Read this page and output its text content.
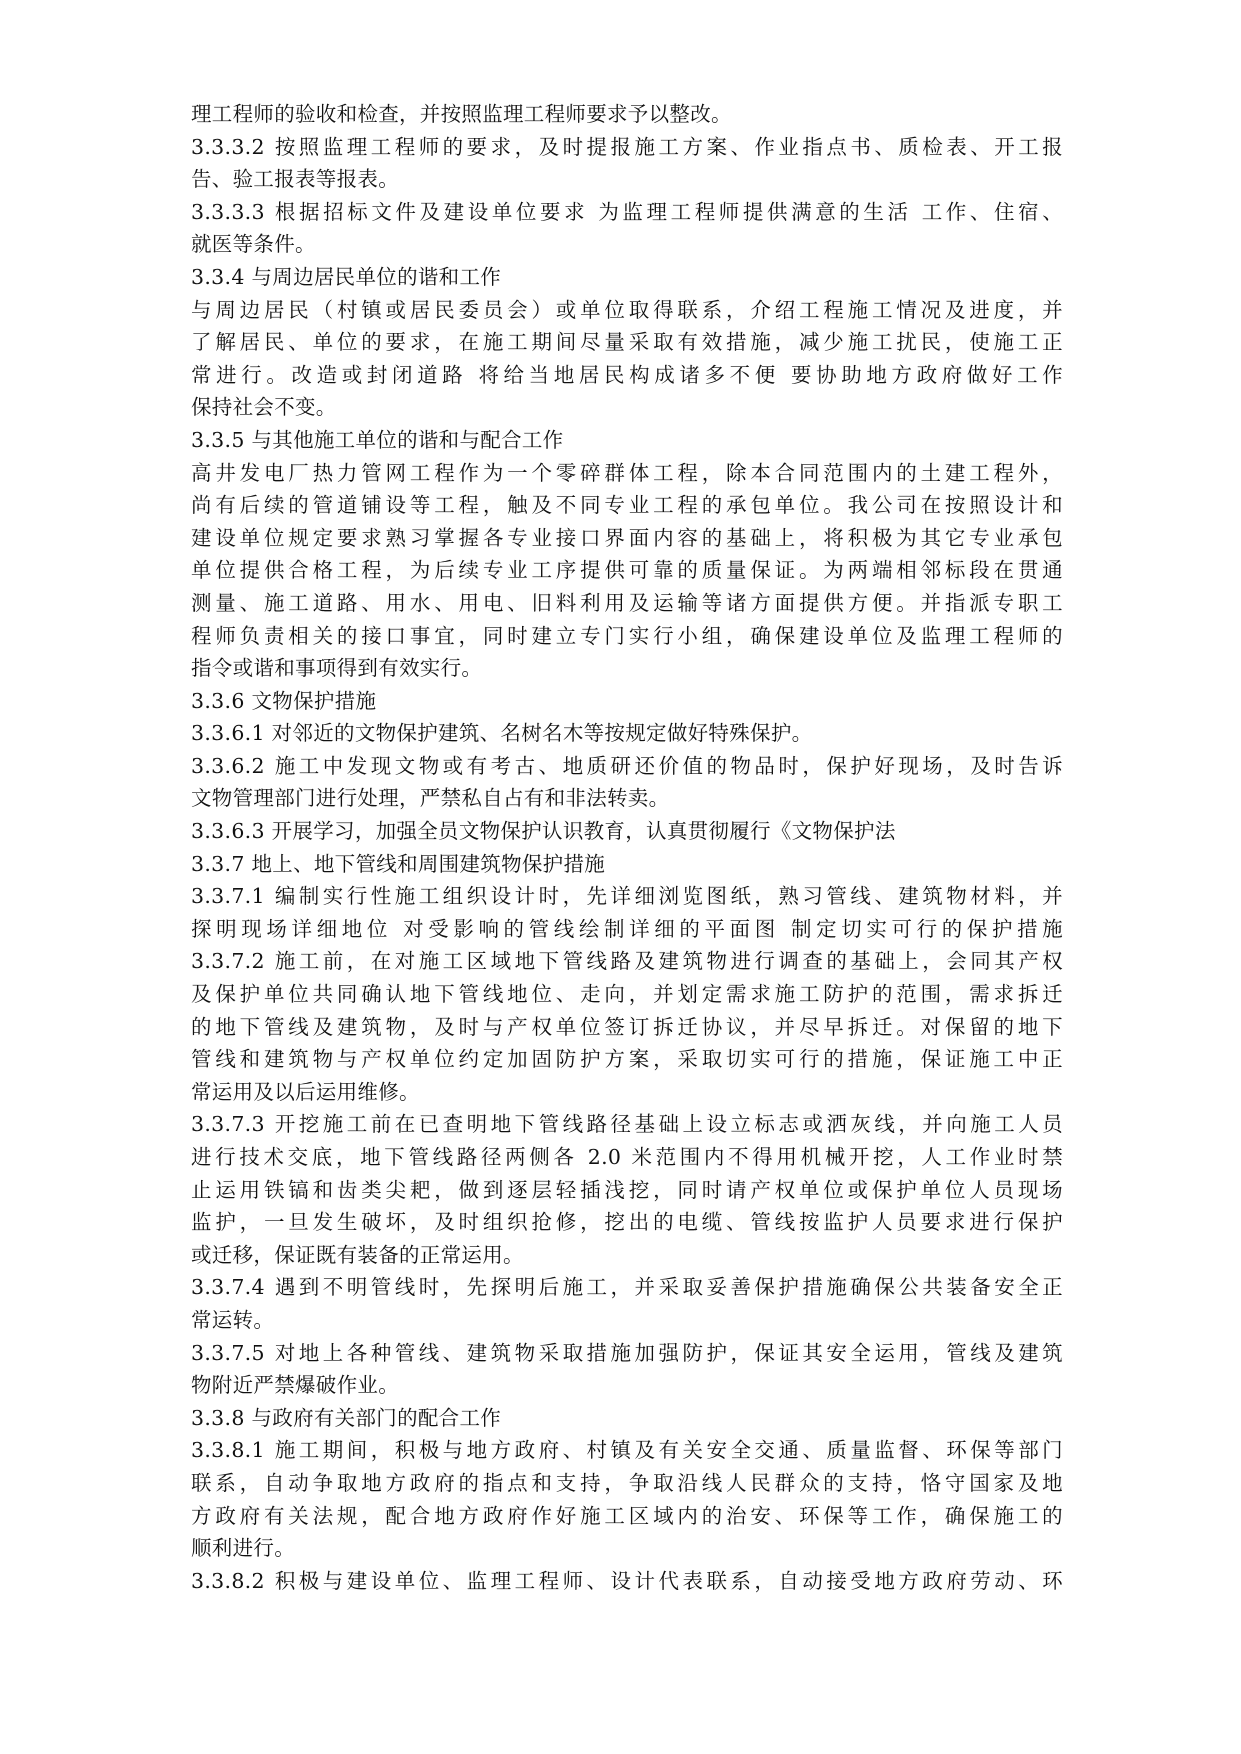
理工程师的验收和检查，并按照监理工程师要求予以整改。
3.3.3.2 按照监理工程师的要求，及时提报施工方案、作业指点书、质检表、开工报
告、验工报表等报表。
3.3.3.3 根据招标文件及建设单位要求 为监理工程师提供满意的生活 工作、住宿、
就医等条件。
3.3.4 与周边居民单位的谐和工作
与周边居民（村镇或居民委员会）或单位取得联系，介绍工程施工情况及进度，并
了解居民、单位的要求，在施工期间尽量采取有效措施，减少施工扰民，使施工正
常进行。改造或封闭道路 将给当地居民构成诸多不便 要协助地方政府做好工作
保持社会不变。
3.3.5 与其他施工单位的谐和与配合工作
高井发电厂热力管网工程作为一个零碎群体工程，除本合同范围内的土建工程外，
尚有后续的管道铺设等工程，触及不同专业工程的承包单位。我公司在按照设计和
建设单位规定要求熟习掌握各专业接口界面内容的基础上，将积极为其它专业承包
单位提供合格工程，为后续专业工序提供可靠的质量保证。为两端相邻标段在贯通
测量、施工道路、用水、用电、旧料利用及运输等诸方面提供方便。并指派专职工
程师负责相关的接口事宜，同时建立专门实行小组，确保建设单位及监理工程师的
指令或谐和事项得到有效实行。
3.3.6 文物保护措施
3.3.6.1 对邻近的文物保护建筑、名树名木等按规定做好特殊保护。
3.3.6.2 施工中发现文物或有考古、地质研还价值的物品时，保护好现场，及时告诉
文物管理部门进行处理，严禁私自占有和非法转卖。
3.3.6.3 开展学习，加强全员文物保护认识教育，认真贯彻履行《文物保护法
3.3.7 地上、地下管线和周围建筑物保护措施
3.3.7.1 编制实行性施工组织设计时，先详细浏览图纸，熟习管线、建筑物材料，并
探明现场详细地位 对受影响的管线绘制详细的平面图 制定切实可行的保护措施
3.3.7.2 施工前，在对施工区域地下管线路及建筑物进行调查的基础上，会同其产权
及保护单位共同确认地下管线地位、走向，并划定需求施工防护的范围，需求拆迁
的地下管线及建筑物，及时与产权单位签订拆迁协议，并尽早拆迁。对保留的地下
管线和建筑物与产权单位约定加固防护方案，采取切实可行的措施，保证施工中正
常运用及以后运用维修。
3.3.7.3 开挖施工前在已查明地下管线路径基础上设立标志或洒灰线，并向施工人员
进行技术交底，地下管线路径两侧各 2.0 米范围内不得用机械开挖，人工作业时禁
止运用铁镐和齿类尖耙，做到逐层轻插浅挖，同时请产权单位或保护单位人员现场
监护，一旦发生破坏，及时组织抢修，挖出的电缆、管线按监护人员要求进行保护
或迁移，保证既有装备的正常运用。
3.3.7.4 遇到不明管线时，先探明后施工，并采取妥善保护措施确保公共装备安全正
常运转。
3.3.7.5 对地上各种管线、建筑物采取措施加强防护，保证其安全运用，管线及建筑
物附近严禁爆破作业。
3.3.8 与政府有关部门的配合工作
3.3.8.1 施工期间，积极与地方政府、村镇及有关安全交通、质量监督、环保等部门
联系，自动争取地方政府的指点和支持，争取沿线人民群众的支持，恪守国家及地
方政府有关法规，配合地方政府作好施工区域内的治安、环保等工作，确保施工的
顺利进行。
3.3.8.2 积极与建设单位、监理工程师、设计代表联系，自动接受地方政府劳动、环
